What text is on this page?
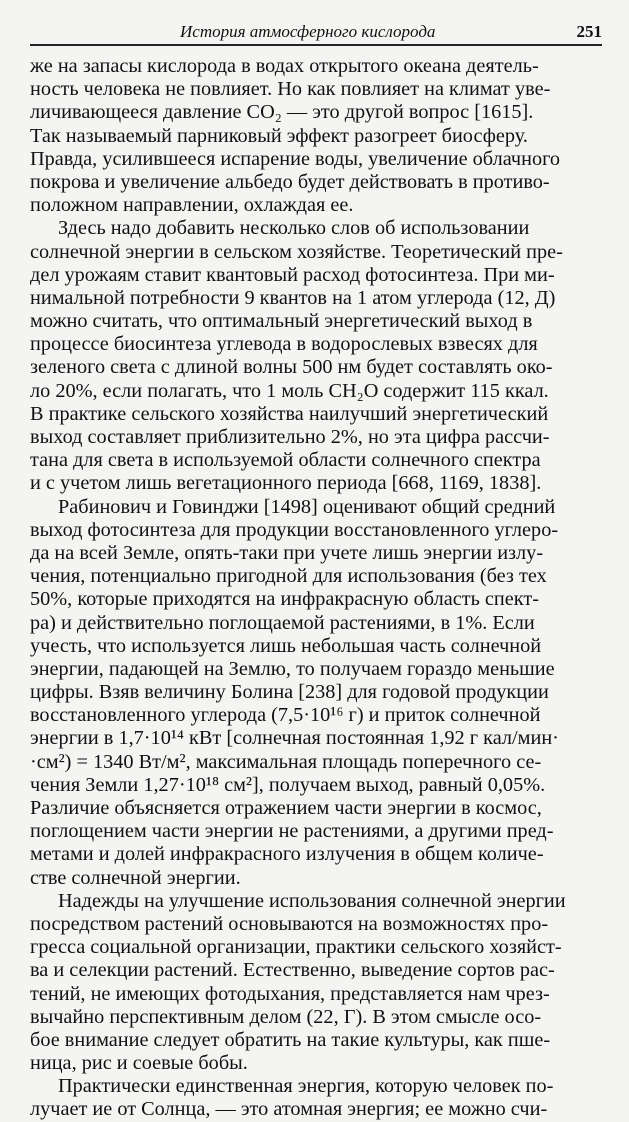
История атмосферного кислорода	251
же на запасы кислорода в водах открытого океана деятель-
ность человека не повлияет. Но как повлияет на климат уве-
личивающееся давление CO₂ — это другой вопрос [1615].
Так называемый парниковый эффект разогреет биосферу.
Правда, усилившееся испарение воды, увеличение облачного
покрова и увеличение альбедо будет действовать в противо-
положном направлении, охлаждая ее.
Здесь надо добавить несколько слов об использовании
солнечной энергии в сельском хозяйстве. Теоретический пре-
дел урожаям ставит квантовый расход фотосинтеза. При ми-
нимальной потребности 9 квантов на 1 атом углерода (12, Д)
можно считать, что оптимальный энергетический выход в
процессе биосинтеза углевода в водорослевых взвесях для
зеленого света с длиной волны 500 нм будет составлять око-
ло 20%, если полагать, что 1 моль CH₂O содержит 115 ккал.
В практике сельского хозяйства наилучший энергетический
выход составляет приблизительно 2%, но эта цифра рассчи-
тана для света в используемой области солнечного спектра
и с учетом лишь вегетационного периода [668, 1169, 1838].
Рабинович и Говинджи [1498] оценивают общий средний
выход фотосинтеза для продукции восстановленного углеро-
да на всей Земле, опять-таки при учете лишь энергии излу-
чения, потенциально пригодной для использования (без тех
50%, которые приходятся на инфракрасную область спект-
ра) и действительно поглощаемой растениями, в 1%. Если
учесть, что используется лишь небольшая часть солнечной
энергии, падающей на Землю, то получаем гораздо меньшие
цифры. Взяв величину Болина [238] для годовой продукции
восстановленного углерода (7,5·10¹⁶ г) и приток солнечной
энергии в 1,7·10¹⁴ кВт [солнечная постоянная 1,92 г кал/мин·
·см²) = 1340 Вт/м², максимальная площадь поперечного се-
чения Земли 1,27·10¹⁸ см²], получаем выход, равный 0,05%.
Различие объясняется отражением части энергии в космос,
поглощением части энергии не растениями, а другими пред-
метами и долей инфракрасного излучения в общем количе-
стве солнечной энергии.
Надежды на улучшение использования солнечной энергии
посредством растений основываются на возможностях про-
гресса социальной организации, практики сельского хозяйст-
ва и селекции растений. Естественно, выведение сортов рас-
тений, не имеющих фотодыхания, представляется нам чрез-
вычайно перспективным делом (22, Г). В этом смысле осо-
бое внимание следует обратить на такие культуры, как пше-
ница, рис и соевые бобы.
Практически единственная энергия, которую человек по-
лучает ие от Солнца, — это атомная энергия; ее можно счи-
